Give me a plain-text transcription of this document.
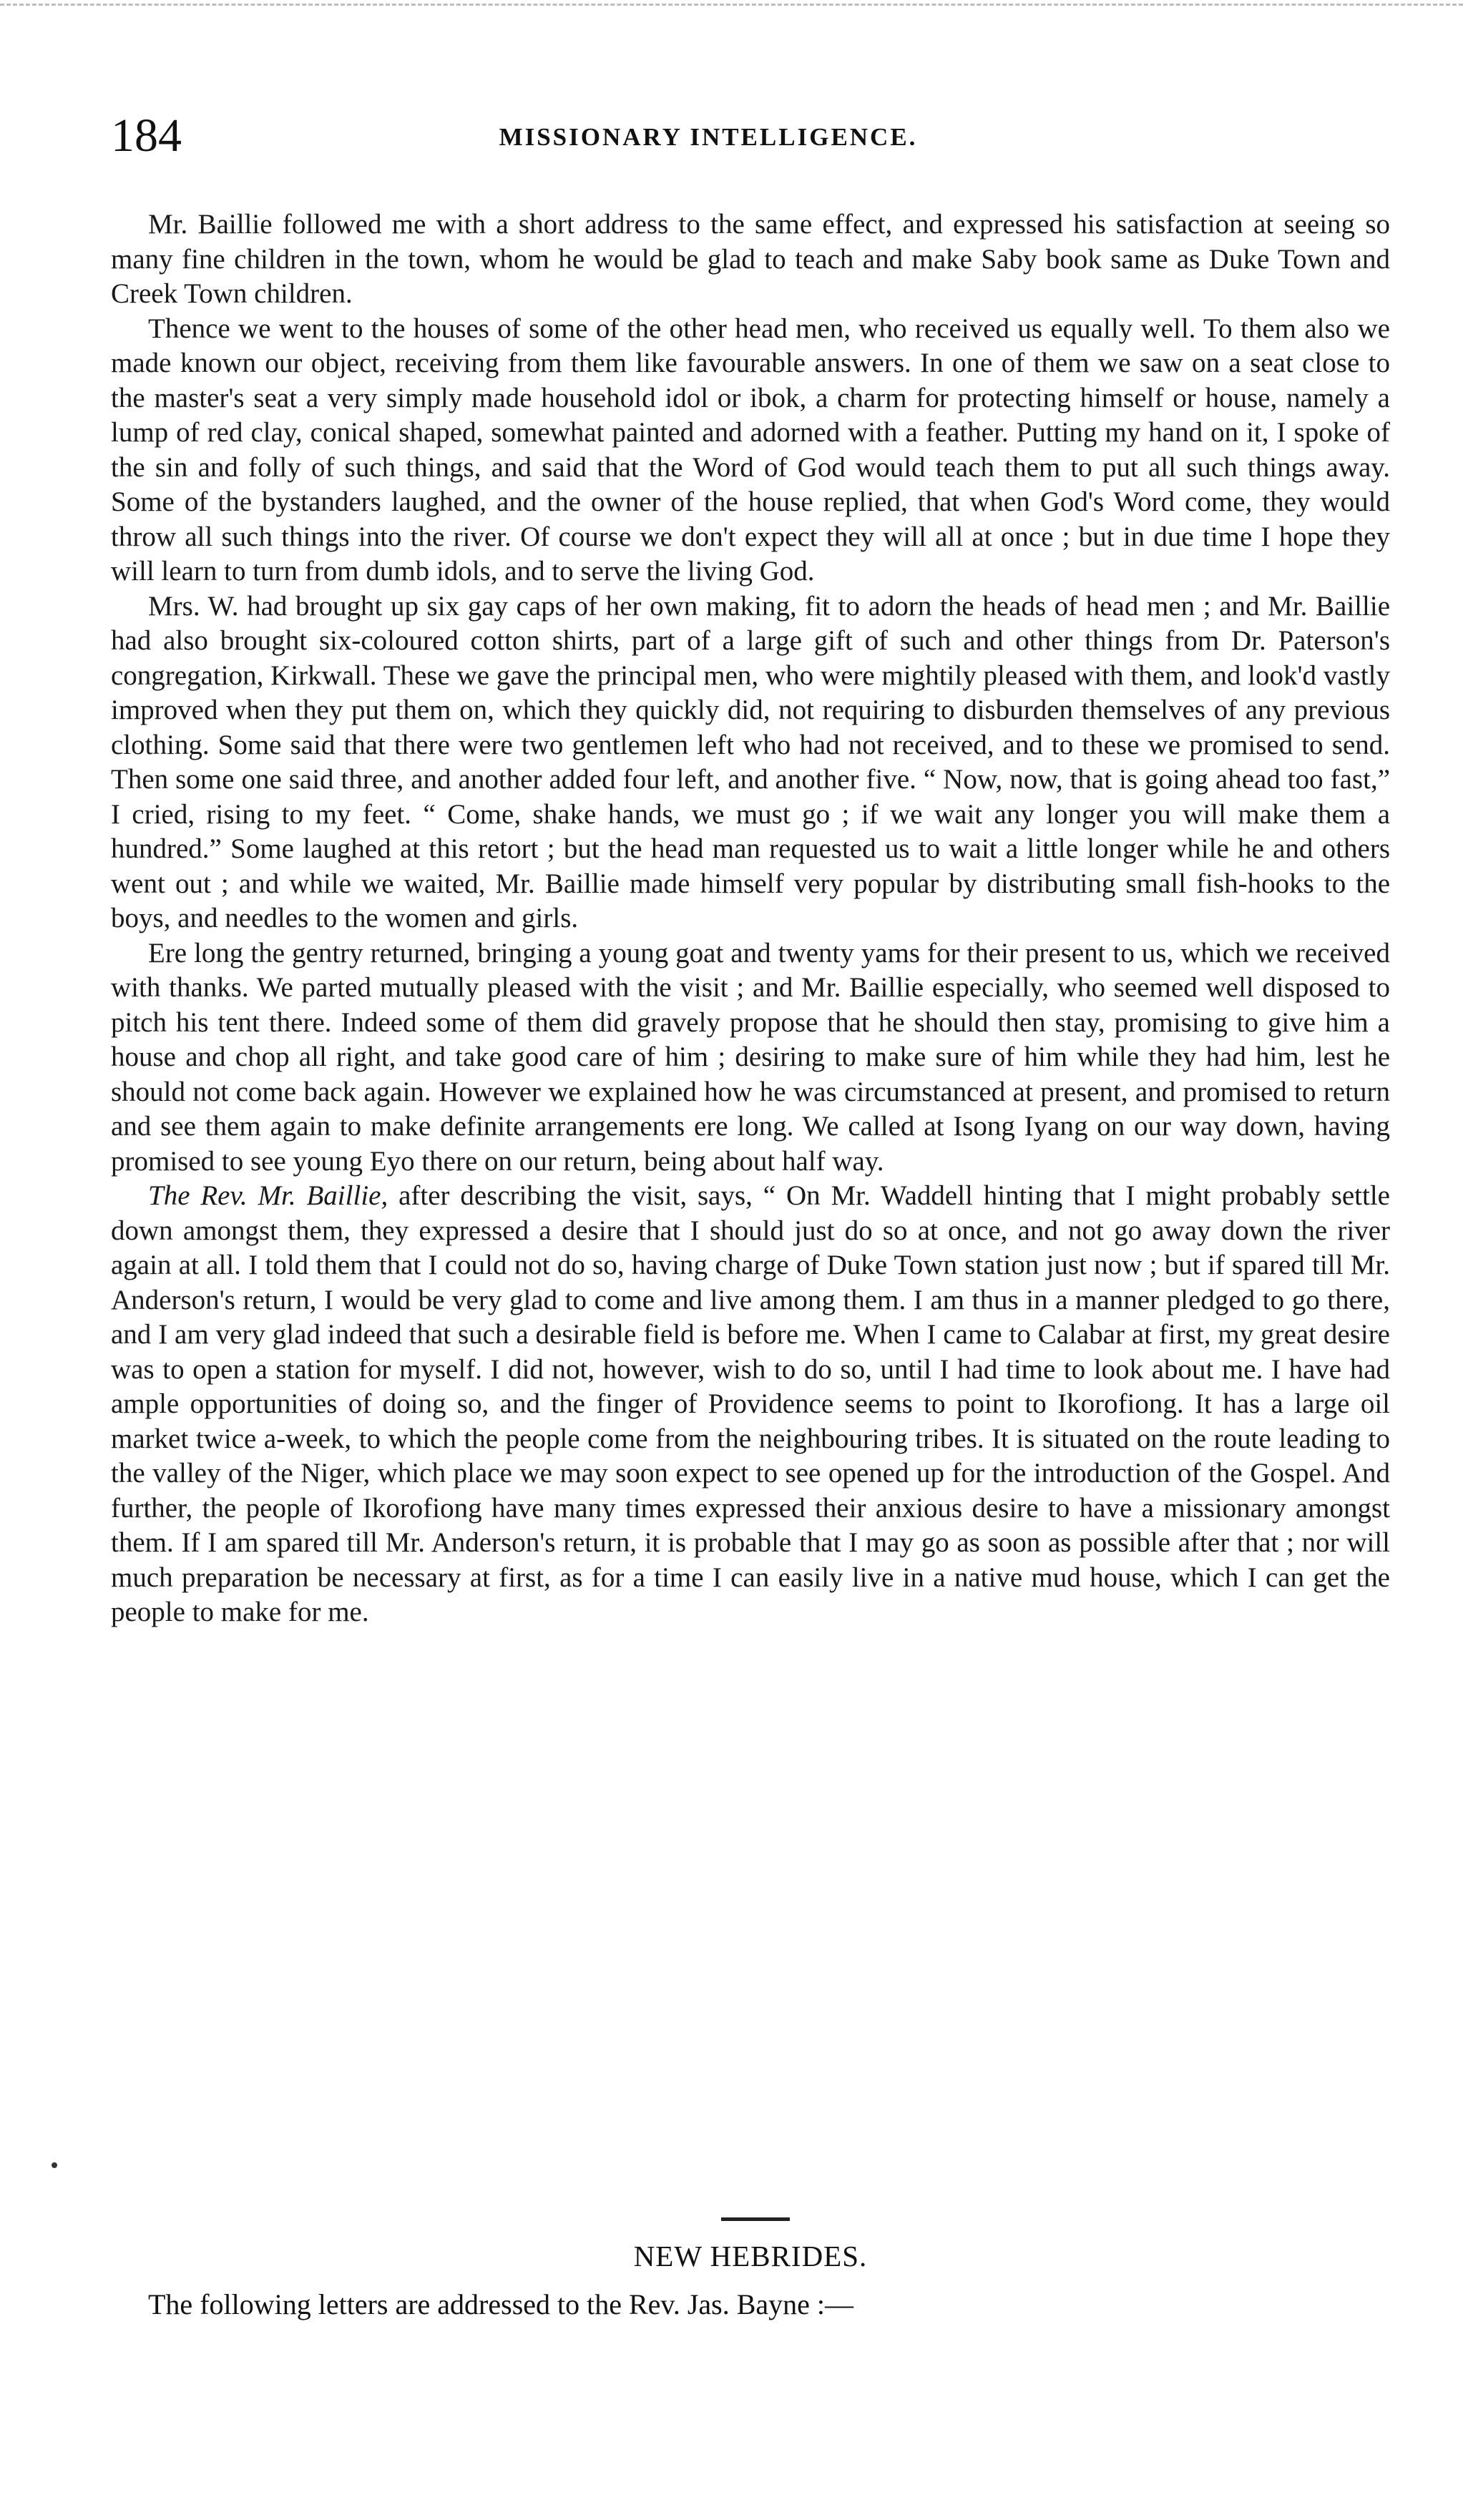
184	MISSIONARY INTELLIGENCE.

Mr. Baillie followed me with a short address to the same effect, and expressed his satisfaction at seeing so many fine children in the town, whom he would be glad to teach and make Saby book same as Duke Town and Creek Town children.

Thence we went to the houses of some of the other head men, who received us equally well. To them also we made known our object, receiving from them like favourable answers. In one of them we saw on a seat close to the master's seat a very simply made household idol or ibok, a charm for protecting himself or house, namely a lump of red clay, conical shaped, somewhat painted and adorned with a feather. Putting my hand on it, I spoke of the sin and folly of such things, and said that the Word of God would teach them to put all such things away. Some of the bystanders laughed, and the owner of the house replied, that when God's Word come, they would throw all such things into the river. Of course we don't expect they will all at once ; but in due time I hope they will learn to turn from dumb idols, and to serve the living God.

Mrs. W. had brought up six gay caps of her own making, fit to adorn the heads of head men ; and Mr. Baillie had also brought six-coloured cotton shirts, part of a large gift of such and other things from Dr. Paterson's congregation, Kirkwall. These we gave the principal men, who were mightily pleased with them, and look'd vastly improved when they put them on, which they quickly did, not requiring to disburden themselves of any previous clothing. Some said that there were two gentlemen left who had not received, and to these we promised to send. Then some one said three, and another added four left, and another five. “ Now, now, that is going ahead too fast,” I cried, rising to my feet. “ Come, shake hands, we must go ; if we wait any longer you will make them a hundred.” Some laughed at this retort ; but the head man requested us to wait a little longer while he and others went out ; and while we waited, Mr. Baillie made himself very popular by distributing small fish-hooks to the boys, and needles to the women and girls.

Ere long the gentry returned, bringing a young goat and twenty yams for their present to us, which we received with thanks. We parted mutually pleased with the visit ; and Mr. Baillie especially, who seemed well disposed to pitch his tent there. Indeed some of them did gravely propose that he should then stay, promising to give him a house and chop all right, and take good care of him ; desiring to make sure of him while they had him, lest he should not come back again. However we explained how he was circumstanced at present, and promised to return and see them again to make definite arrangements ere long. We called at Isong Iyang on our way down, having promised to see young Eyo there on our return, being about half way.

The Rev. Mr. Baillie, after describing the visit, says, “ On Mr. Waddell hinting that I might probably settle down amongst them, they expressed a desire that I should just do so at once, and not go away down the river again at all. I told them that I could not do so, having charge of Duke Town station just now ; but if spared till Mr. Anderson's return, I would be very glad to come and live among them. I am thus in a manner pledged to go there, and I am very glad indeed that such a desirable field is before me. When I came to Calabar at first, my great desire was to open a station for myself. I did not, however, wish to do so, until I had time to look about me. I have had ample opportunities of doing so, and the finger of Providence seems to point to Ikorofiong. It has a large oil market twice a-week, to which the people come from the neighbouring tribes. It is situated on the route leading to the valley of the Niger, which place we may soon expect to see opened up for the introduction of the Gospel. And further, the people of Ikorofiong have many times expressed their anxious desire to have a missionary amongst them. If I am spared till Mr. Anderson's return, it is probable that I may go as soon as possible after that ; nor will much preparation be necessary at first, as for a time I can easily live in a native mud house, which I can get the people to make for me.

NEW HEBRIDES.
The following letters are addressed to the Rev. Jas. Bayne :—
